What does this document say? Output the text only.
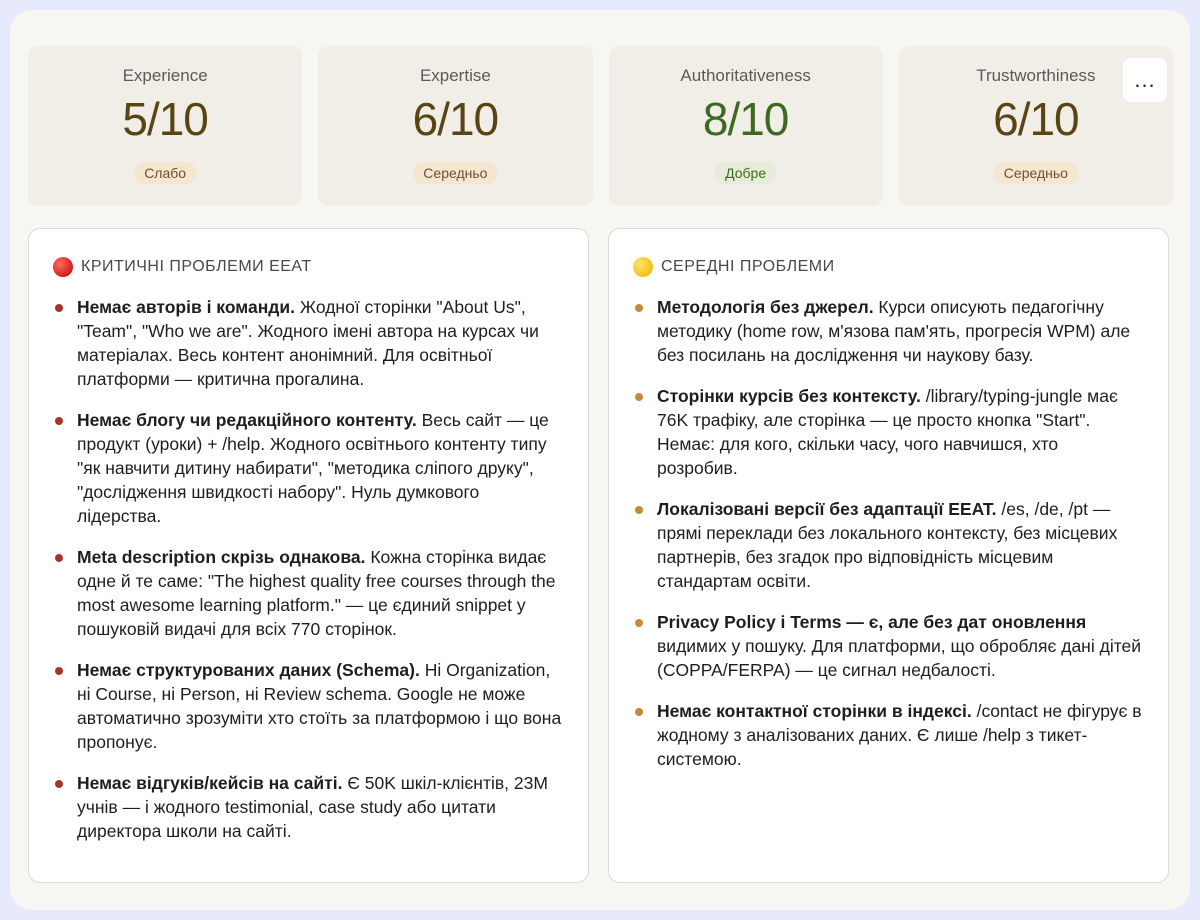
Experience
5/10
Слабо
Expertise
6/10
Середньо
Authoritativeness
8/10
Добре
Trustworthiness
6/10
Середньо
...
КРИТИЧНІ ПРОБЛЕМИ EEAT
Немає авторів і команди. Жодної сторінки "About Us", "Team", "Who we are". Жодного імені автора на курсах чи матеріалах. Весь контент анонімний. Для освітньої платформи — критична прогалина.
Немає блогу чи редакційного контенту. Весь сайт — це продукт (уроки) + /help. Жодного освітнього контенту типу "як навчити дитину набирати", "методика сліпого друку", "дослідження швидкості набору". Нуль думкового лідерства.
Meta description скрізь однакова. Кожна сторінка видає одне й те саме: "The highest quality free courses through the most awesome learning platform." — це єдиний snippet у пошуковій видачі для всіх 770 сторінок.
Немає структурованих даних (Schema). Ні Organization, ні Course, ні Person, ні Review schema. Google не може автоматично зрозуміти хто стоїть за платформою і що вона пропонує.
Немає відгуків/кейсів на сайті. Є 50K шкіл-клієнтів, 23M учнів — і жодного testimonial, case study або цитати директора школи на сайті.
СЕРЕДНІ ПРОБЛЕМИ
Методологія без джерел. Курси описують педагогічну методику (home row, м'язова пам'ять, прогресія WPM) але без посилань на дослідження чи наукову базу.
Сторінки курсів без контексту. /library/typing-jungle має 76K трафіку, але сторінка — це просто кнопка "Start". Немає: для кого, скільки часу, чого навчишся, хто розробив.
Локалізовані версії без адаптації EEAT. /es, /de, /pt — прямі переклади без локального контексту, без місцевих партнерів, без згадок про відповідність місцевим стандартам освіти.
Privacy Policy і Terms — є, але без дат оновлення видимих у пошуку. Для платформи, що обробляє дані дітей (COPPA/FERPA) — це сигнал недбалості.
Немає контактної сторінки в індексі. /contact не фігурує в жодному з аналізованих даних. Є лише /help з тикет-системою.
